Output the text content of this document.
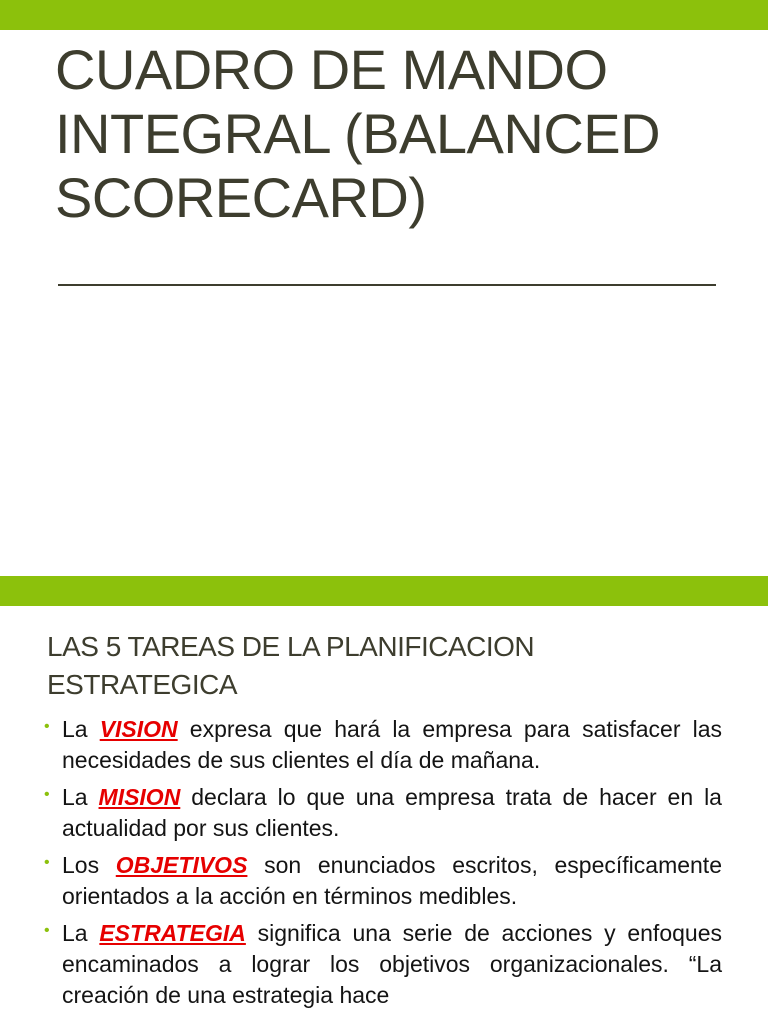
CUADRO DE MANDO INTEGRAL (BALANCED SCORECARD)
LAS 5 TAREAS DE LA PLANIFICACION ESTRATEGICA
• La VISION expresa que hará la empresa para satisfacer las necesidades de sus clientes el día de mañana.
• La MISION declara lo que una empresa trata de hacer en la actualidad por sus clientes.
• Los OBJETIVOS son enunciados escritos, específicamente orientados a la acción en términos medibles.
• La ESTRATEGIA significa una serie de acciones y enfoques encaminados a lograr los objetivos organizacionales. “La creación de una estrategia hace
